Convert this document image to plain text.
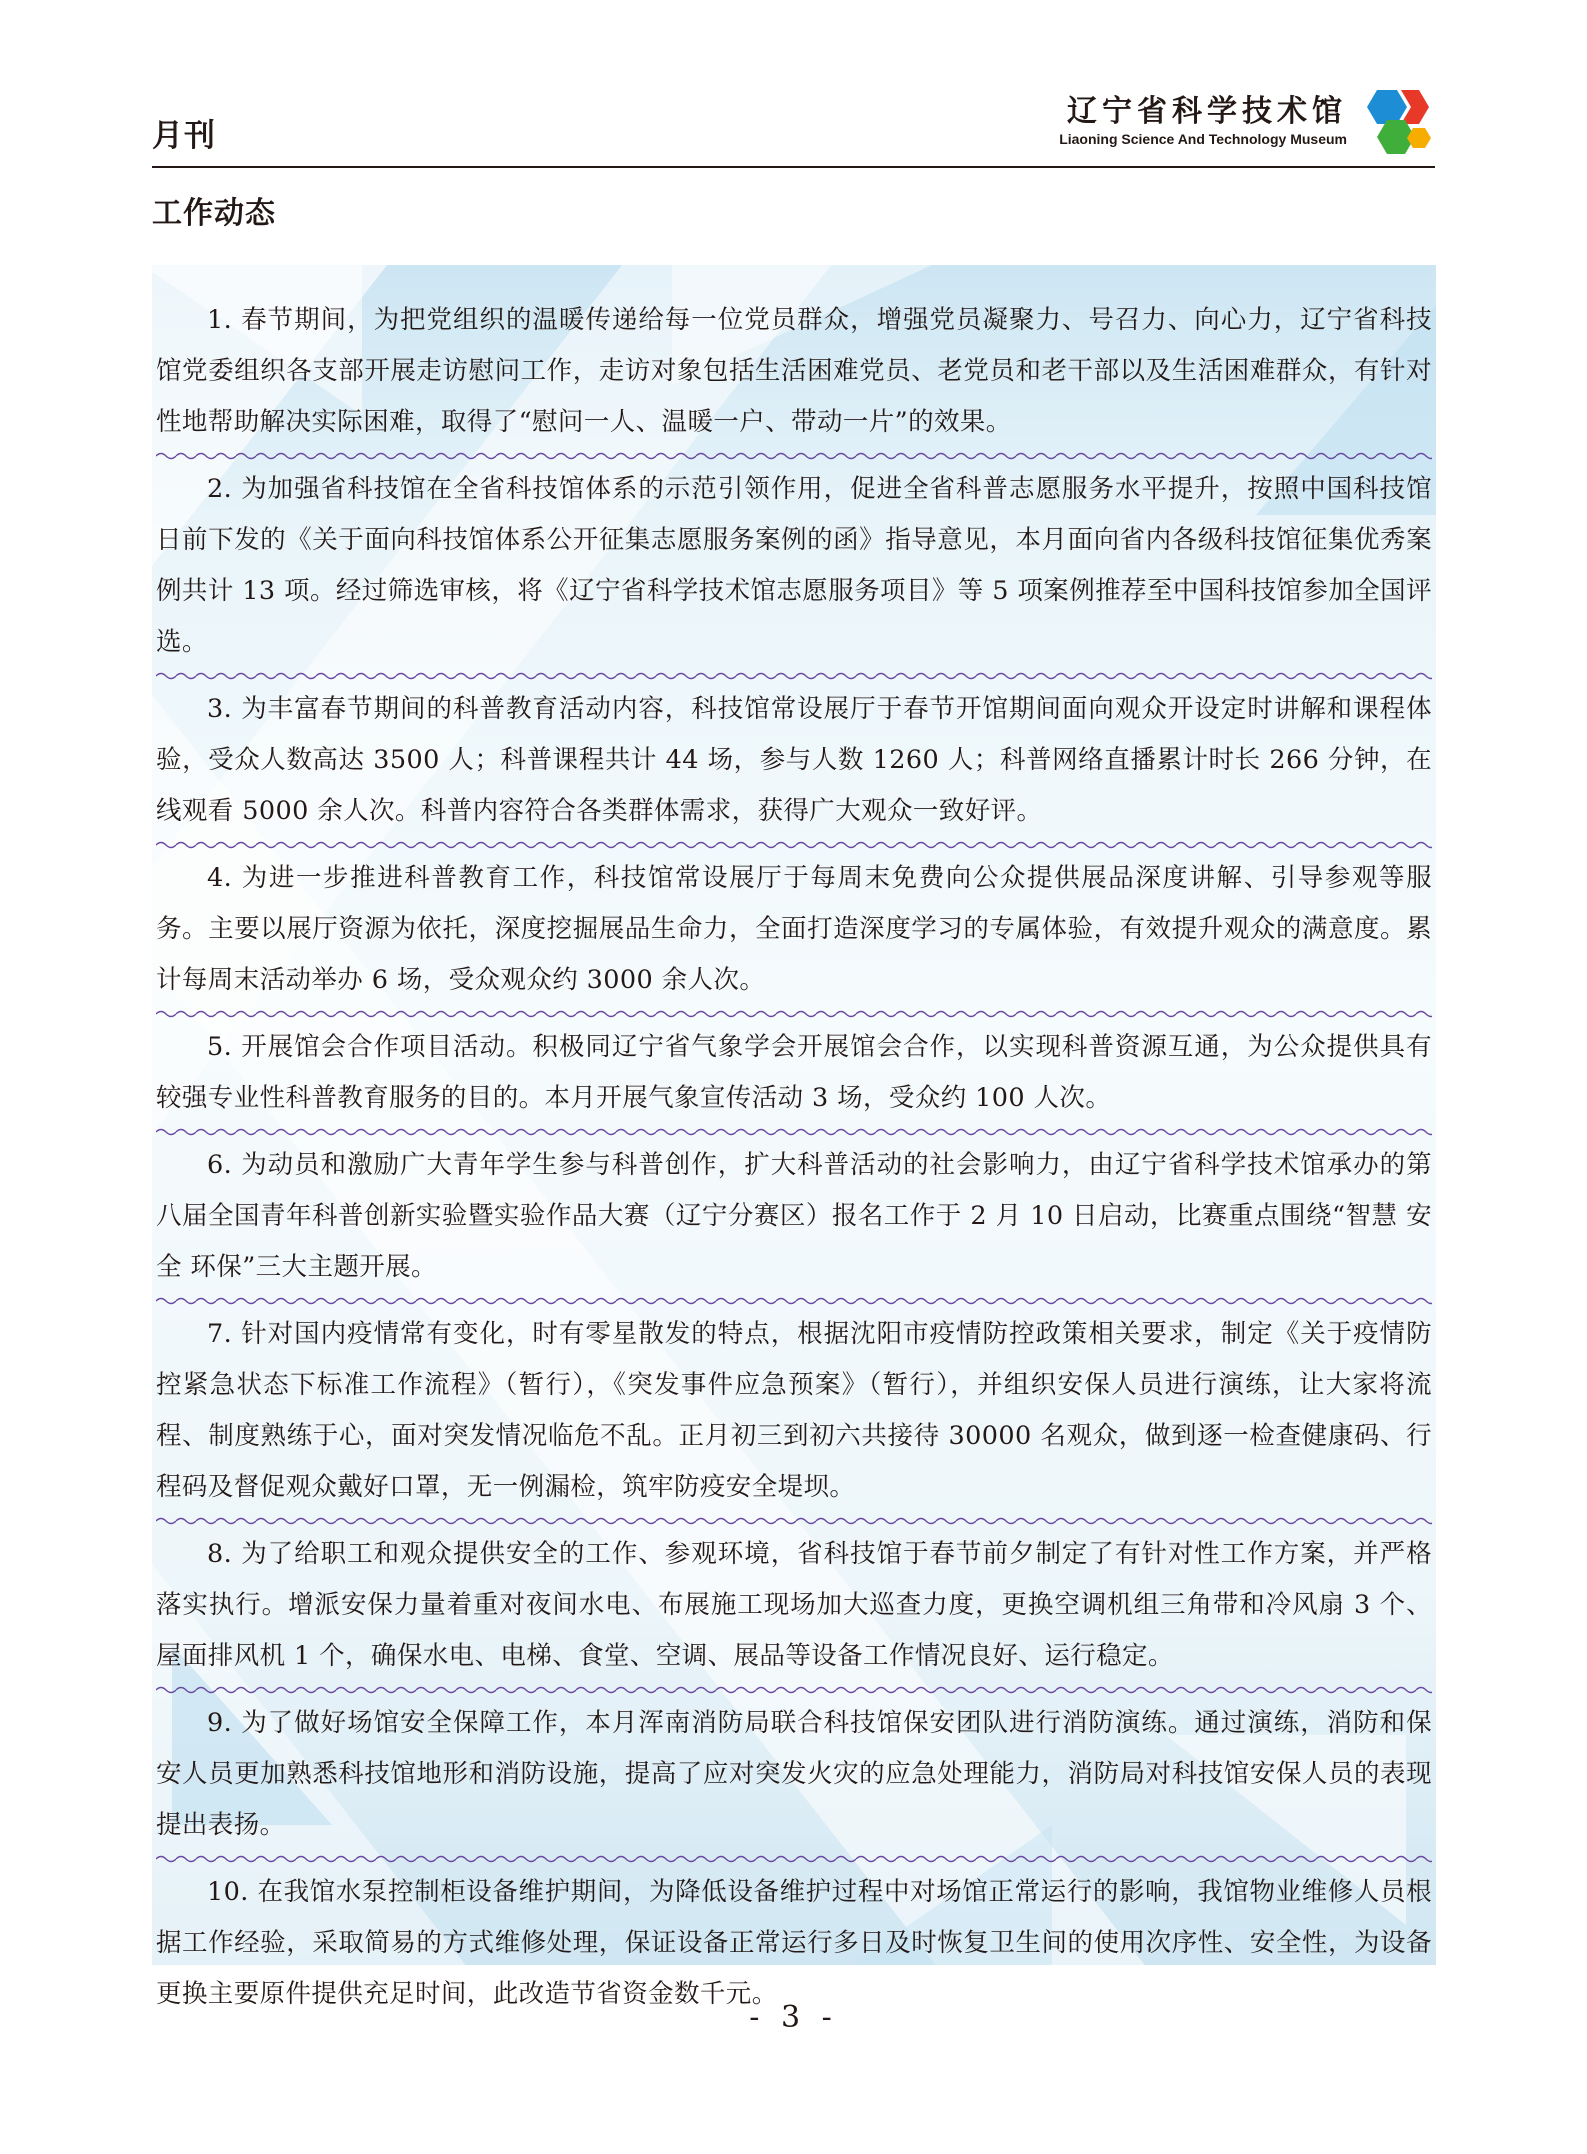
月刊
辽宁省科学技术馆
Liaoning Science And Technology Museum
工作动态

1. 春节期间，为把党组织的温暖传递给每一位党员群众，增强党员凝聚力、号召力、向心力，辽宁省科技馆党委组织各支部开展走访慰问工作，走访对象包括生活困难党员、老党员和老干部以及生活困难群众，有针对性地帮助解决实际困难，取得了“慰问一人、温暖一户、带动一片”的效果。

2. 为加强省科技馆在全省科技馆体系的示范引领作用，促进全省科普志愿服务水平提升，按照中国科技馆日前下发的《关于面向科技馆体系公开征集志愿服务案例的函》指导意见，本月面向省内各级科技馆征集优秀案例共计 13 项。经过筛选审核，将《辽宁省科学技术馆志愿服务项目》等 5 项案例推荐至中国科技馆参加全国评选。

3. 为丰富春节期间的科普教育活动内容，科技馆常设展厅于春节开馆期间面向观众开设定时讲解和课程体验，受众人数高达 3500 人；科普课程共计 44 场，参与人数 1260 人；科普网络直播累计时长 266 分钟，在线观看 5000 余人次。科普内容符合各类群体需求，获得广大观众一致好评。

4. 为进一步推进科普教育工作，科技馆常设展厅于每周末免费向公众提供展品深度讲解、引导参观等服务。主要以展厅资源为依托，深度挖掘展品生命力，全面打造深度学习的专属体验，有效提升观众的满意度。累计每周末活动举办 6 场，受众观众约 3000 余人次。

5. 开展馆会合作项目活动。积极同辽宁省气象学会开展馆会合作，以实现科普资源互通，为公众提供具有较强专业性科普教育服务的目的。本月开展气象宣传活动 3 场，受众约 100 人次。

6. 为动员和激励广大青年学生参与科普创作，扩大科普活动的社会影响力，由辽宁省科学技术馆承办的第八届全国青年科普创新实验暨实验作品大赛（辽宁分赛区）报名工作于 2 月 10 日启动，比赛重点围绕“智慧 安全 环保”三大主题开展。

7. 针对国内疫情常有变化，时有零星散发的特点，根据沈阳市疫情防控政策相关要求，制定《关于疫情防控紧急状态下标准工作流程》（暂行），《突发事件应急预案》（暂行），并组织安保人员进行演练，让大家将流程、制度熟练于心，面对突发情况临危不乱。正月初三到初六共接待 30000 名观众，做到逐一检查健康码、行程码及督促观众戴好口罩，无一例漏检，筑牢防疫安全堤坝。

8. 为了给职工和观众提供安全的工作、参观环境，省科技馆于春节前夕制定了有针对性工作方案，并严格落实执行。增派安保力量着重对夜间水电、布展施工现场加大巡查力度，更换空调机组三角带和冷风扇 3 个、屋面排风机 1 个，确保水电、电梯、食堂、空调、展品等设备工作情况良好、运行稳定。

9. 为了做好场馆安全保障工作，本月浑南消防局联合科技馆保安团队进行消防演练。通过演练，消防和保安人员更加熟悉科技馆地形和消防设施，提高了应对突发火灾的应急处理能力，消防局对科技馆安保人员的表现提出表扬。

10. 在我馆水泵控制柜设备维护期间，为降低设备维护过程中对场馆正常运行的影响，我馆物业维修人员根据工作经验，采取简易的方式维修处理，保证设备正常运行多日及时恢复卫生间的使用次序性、安全性，为设备更换主要原件提供充足时间，此改造节省资金数千元。

- 3 -
